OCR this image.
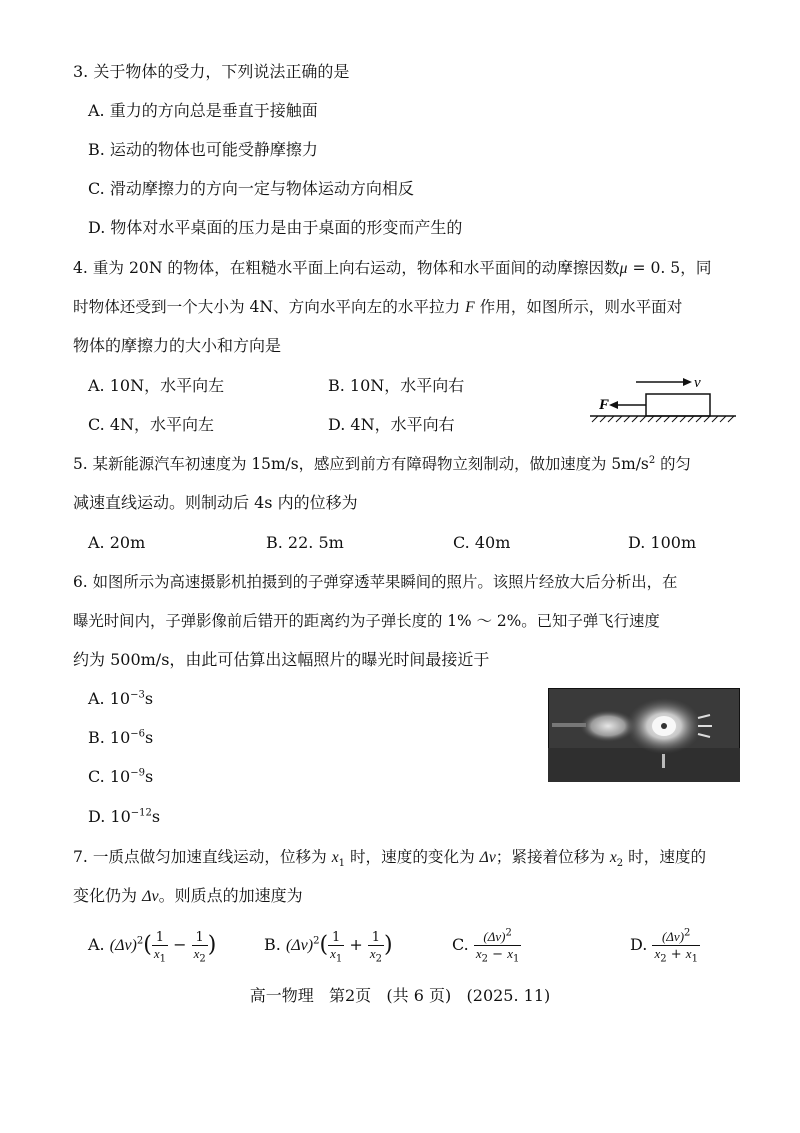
3. 关于物体的受力，下列说法正确的是
A. 重力的方向总是垂直于接触面
B. 运动的物体也可能受静摩擦力
C. 滑动摩擦力的方向一定与物体运动方向相反
D. 物体对水平桌面的压力是由于桌面的形变而产生的
4. 重为 20N 的物体，在粗糙水平面上向右运动，物体和水平面间的动摩擦因数μ = 0. 5，同
时物体还受到一个大小为 4N、方向水平向左的水平拉力 F 作用，如图所示，则水平面对
物体的摩擦力的大小和方向是
A. 10N，水平向左	B. 10N，水平向右
C. 4N，水平向左	D. 4N，水平向右
v
F
5. 某新能源汽车初速度为 15m/s，感应到前方有障碍物立刻制动，做加速度为 $5m/s^2$ 的匀
减速直线运动。则制动后 4s 内的位移为
A. 20m	B. 22. 5m	C. 40m	D. 100m
6. 如图所示为高速摄影机拍摄到的子弹穿透苹果瞬间的照片。该照片经放大后分析出，在
曝光时间内，子弹影像前后错开的距离约为子弹长度的 1% ～ 2%。已知子弹飞行速度
约为 500m/s，由此可估算出这幅照片的曝光时间最接近于
A. $10^{-3}s$
B. $10^{-6}s$
C. $10^{-9}s$
D. $10^{-12}s$
7. 一质点做匀加速直线运动，位移为 $x_1$ 时，速度的变化为 Δv；紧接着位移为 $x_2$ 时，速度的
变化仍为 Δv。则质点的加速度为
A. $(\Delta v)^2( \frac{1}{x_1} - \frac{1}{x_2}$ )	B. $(\Delta v)^2( \frac{1}{x_1} + \frac{1}{x_2}$ )	C. $\frac{(\Delta v)^2}{x_2 - x_1}$	D. $\frac{(\Delta v)^2}{x_2 + x_1}$
高一物理   第2页   (共 6 页)   (2025. 11)
